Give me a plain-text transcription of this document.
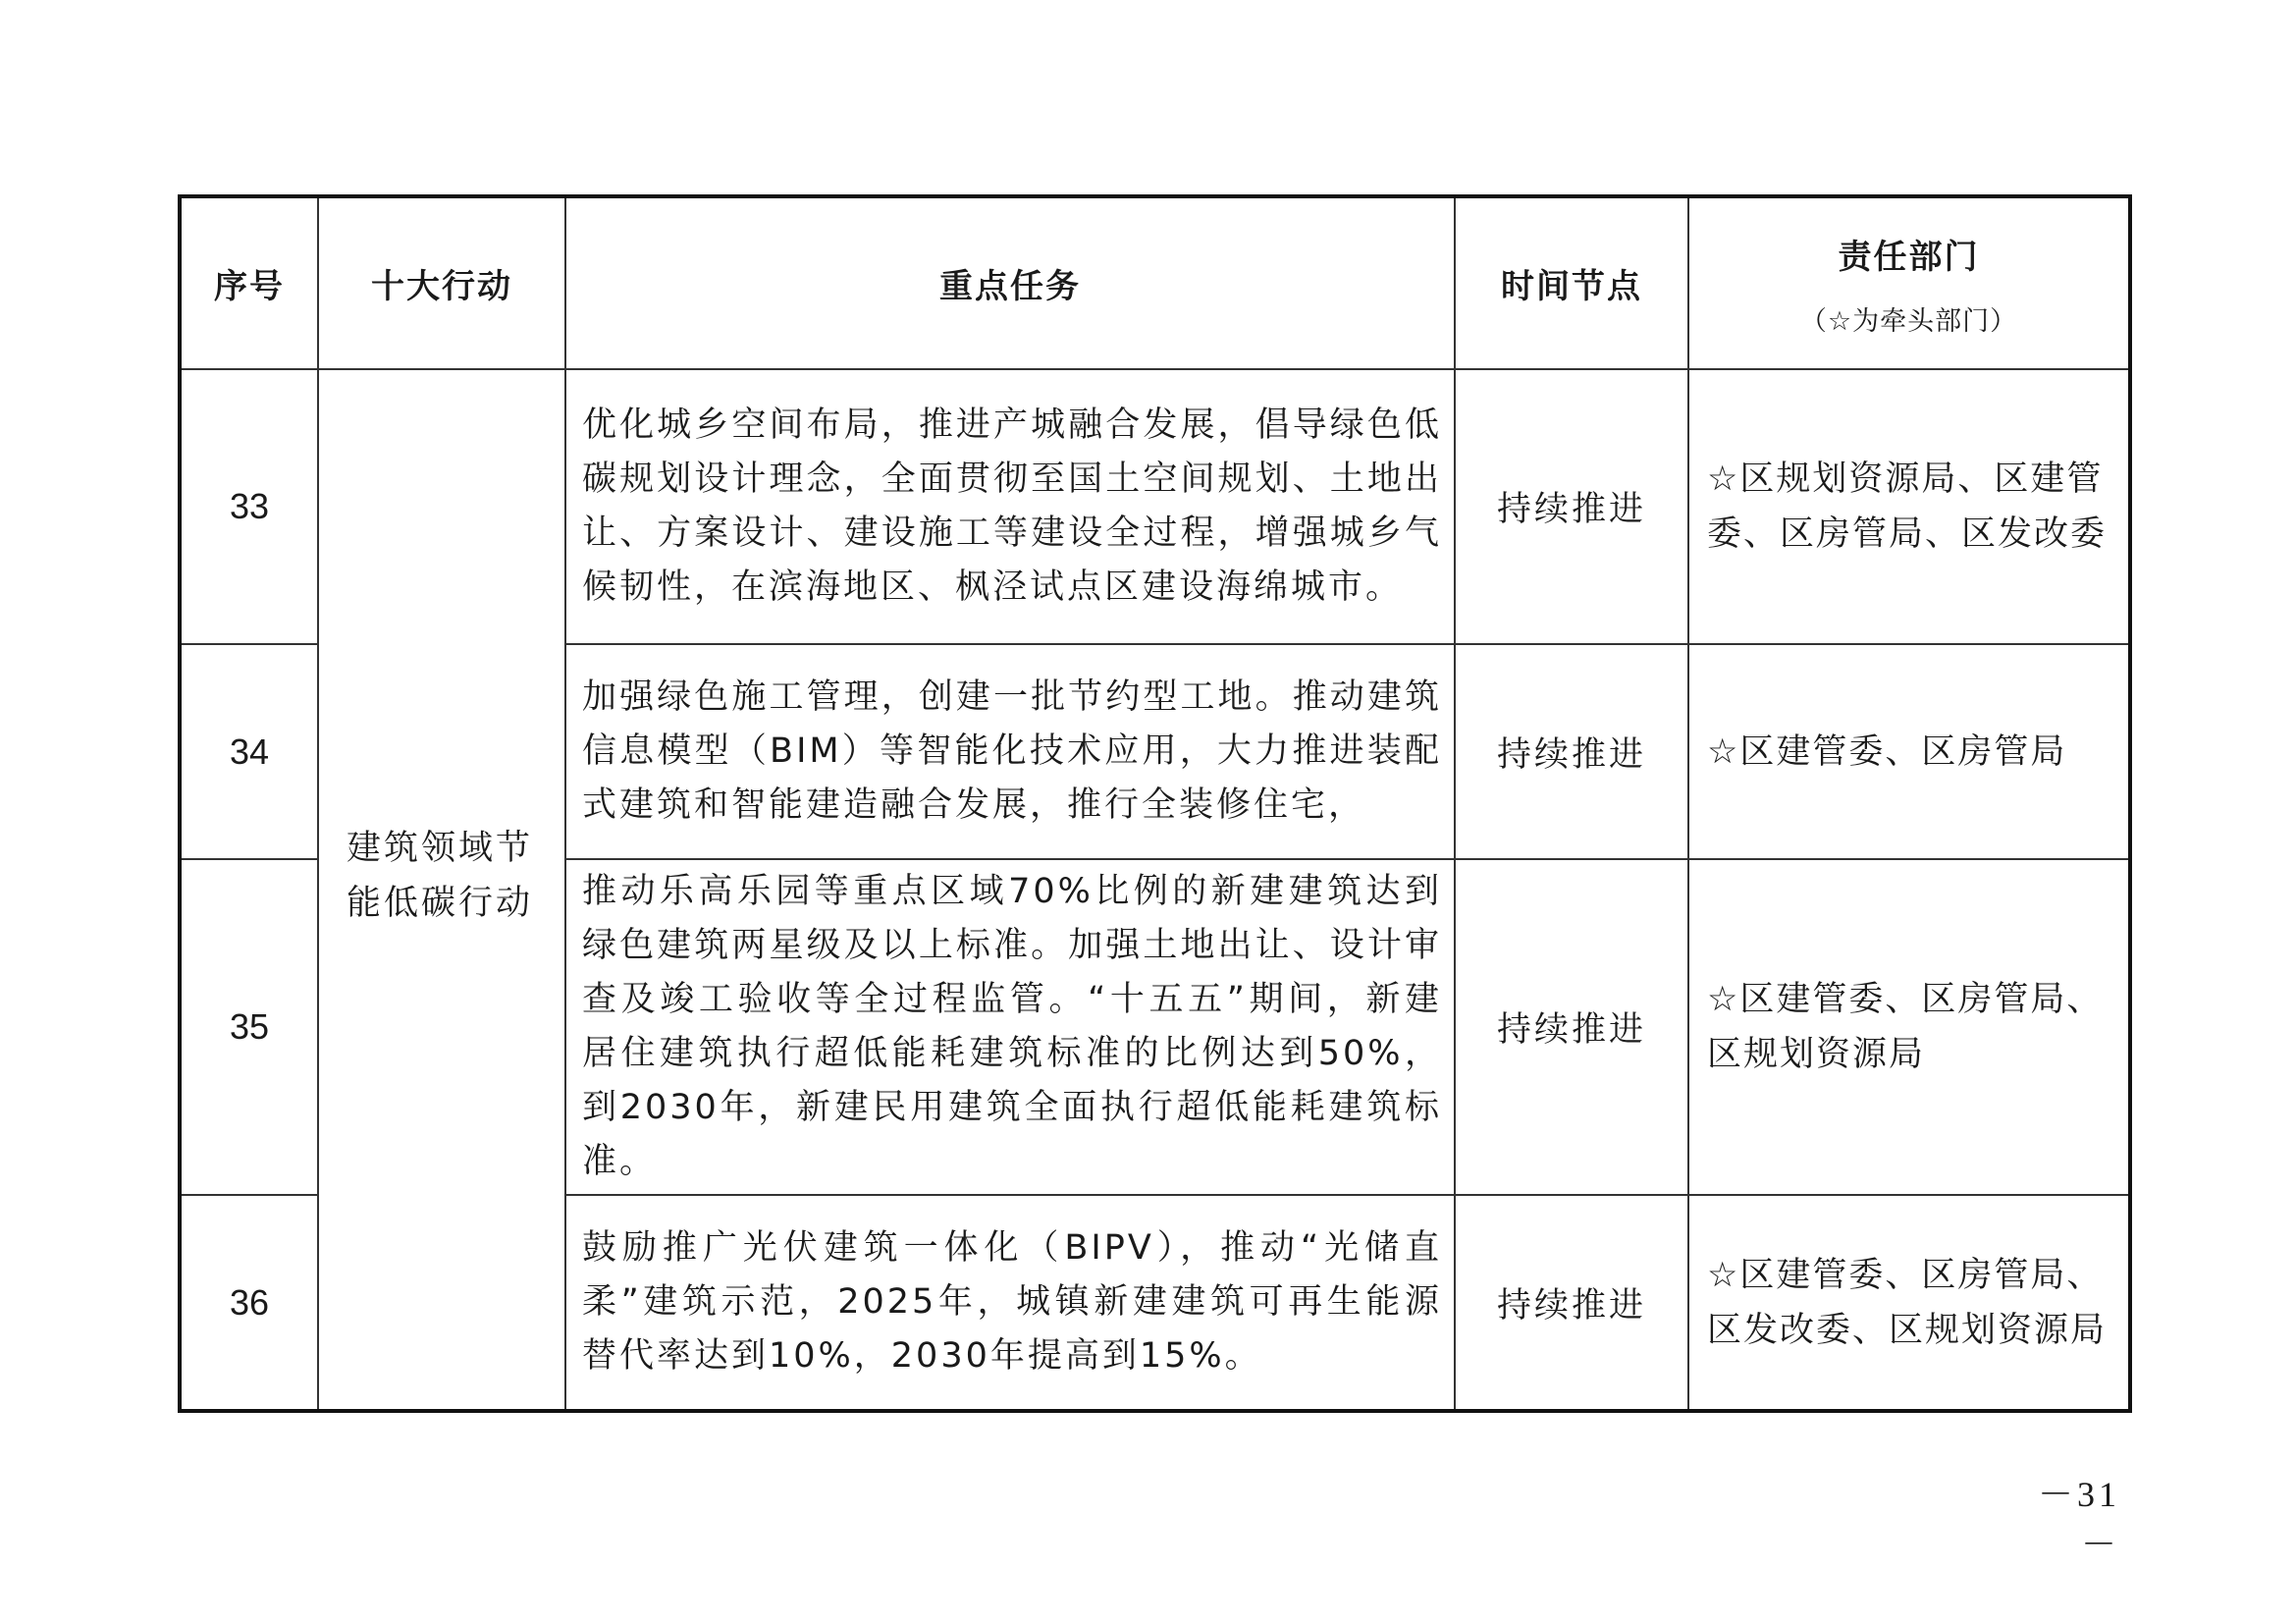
序号	十大行动	重点任务	时间节点	责任部门
（☆为牵头部门）

33	建筑领域节能低碳行动	优化城乡空间布局，推进产城融合发展，倡导绿色低碳规划设计理念，全面贯彻至国土空间规划、土地出让、方案设计、建设施工等建设全过程，增强城乡气候韧性，在滨海地区、枫泾试点区建设海绵城市。	持续推进	☆区规划资源局、区建管委、区房管局、区发改委
34		加强绿色施工管理，创建一批节约型工地。推动建筑信息模型（BIM）等智能化技术应用，大力推进装配式建筑和智能建造融合发展，推行全装修住宅，	持续推进	☆区建管委、区房管局
35		推动乐高乐园等重点区域70%比例的新建建筑达到绿色建筑两星级及以上标准。加强土地出让、设计审查及竣工验收等全过程监管。“十五五”期间，新建居住建筑执行超低能耗建筑标准的比例达到50%，到2030年，新建民用建筑全面执行超低能耗建筑标准。	持续推进	☆区建管委、区房管局、区规划资源局
36		鼓励推广光伏建筑一体化（BIPV），推动“光储直柔”建筑示范，2025年，城镇新建建筑可再生能源替代率达到10%，2030年提高到15%。	持续推进	☆区建管委、区房管局、区发改委、区规划资源局
－31－
